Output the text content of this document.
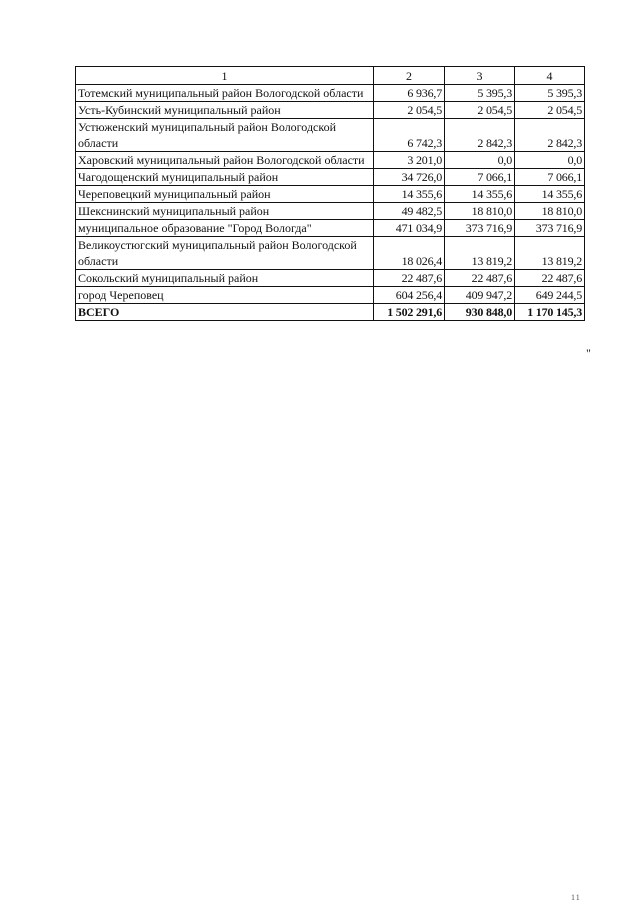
1	2	3	4
Тотемский муниципальный район Вологодской области	6 936,7	5 395,3	5 395,3
Усть-Кубинский муниципальный район	2 054,5	2 054,5	2 054,5
Устюженский муниципальный район Вологодской области	6 742,3	2 842,3	2 842,3
Харовский муниципальный район Вологодской области	3 201,0	0,0	0,0
Чагодощенский муниципальный район	34 726,0	7 066,1	7 066,1
Череповецкий муниципальный район	14 355,6	14 355,6	14 355,6
Шекснинский муниципальный район	49 482,5	18 810,0	18 810,0
муниципальное образование "Город Вологда"	471 034,9	373 716,9	373 716,9
Великоустюгский муниципальный район Вологодской области	18 026,4	13 819,2	13 819,2
Сокольский муниципальный район	22 487,6	22 487,6	22 487,6
город Череповец	604 256,4	409 947,2	649 244,5
ВСЕГО	1 502 291,6	930 848,0	1 170 145,3
"
11
